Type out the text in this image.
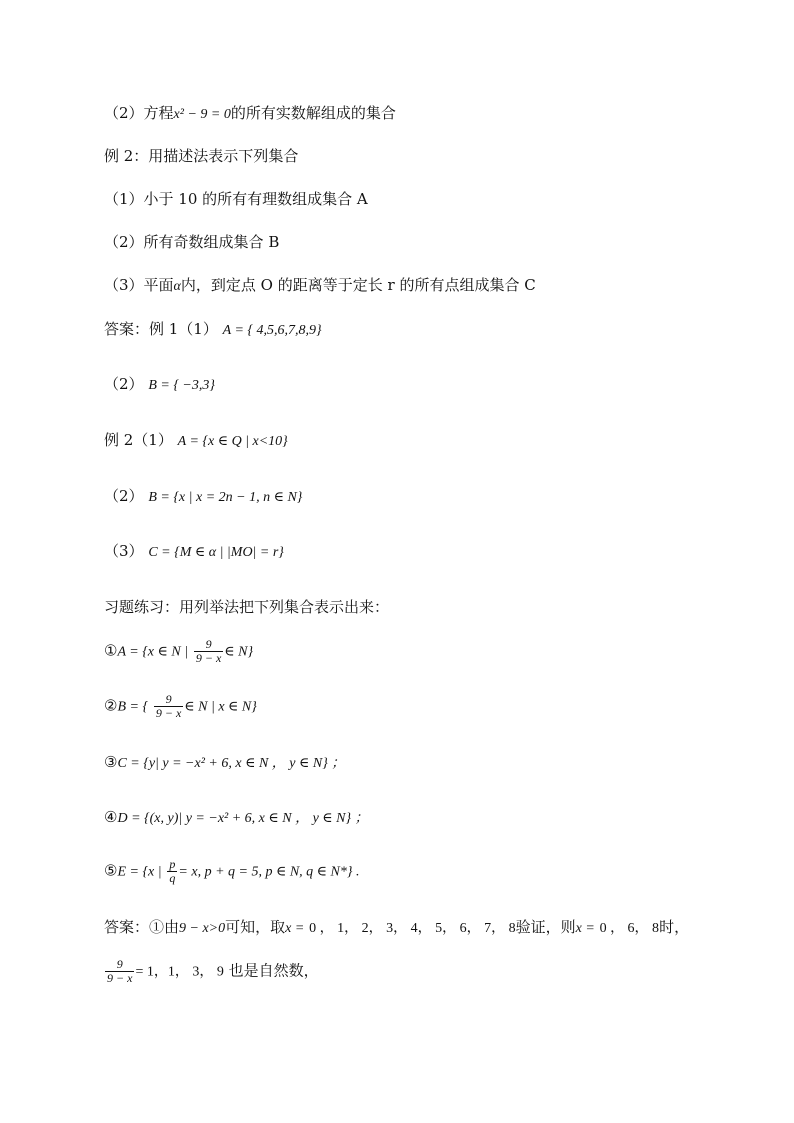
（2）方程x² − 9 = 0的所有实数解组成的集合
例 2：用描述法表示下列集合
（1）小于 10 的所有有理数组成集合 A
（2）所有奇数组成集合 B
（3）平面α内，到定点 O 的距离等于定长 r 的所有点组成集合 C
答案：例 1（1） A = { 4,5,6,7,8,9}
（2） B = { −3,3}
例 2（1） A = {x ∈ Q | x<10}
（2） B = {x | x = 2n − 1, n ∈ N}
（3） C = {M ∈ α | |MO| = r}
习题练习：用列举法把下列集合表示出来：
①A = {x ∈ N | $\frac{9}{9 - x}$ ∈ N}
②B = { $\frac{9}{9 - x}$ ∈ N | x ∈ N}
③C = {y| y = −x² + 6, x ∈ N ， y ∈ N} ；
④D = {(x, y)| y = −x² + 6, x ∈ N ， y ∈ N} ；
⑤E = {x | $\frac{p}{q} = x$, p + q = 5, p ∈ N, q ∈ N*} .
答案：①由9 − x>0可知，取x = 0 ， 1， 2， 3， 4， 5， 6， 7， 8验证，则x = 0 ， 6， 8时，
$\frac{9}{9 - x} = 1$，1， 3， 9 也是自然数，
